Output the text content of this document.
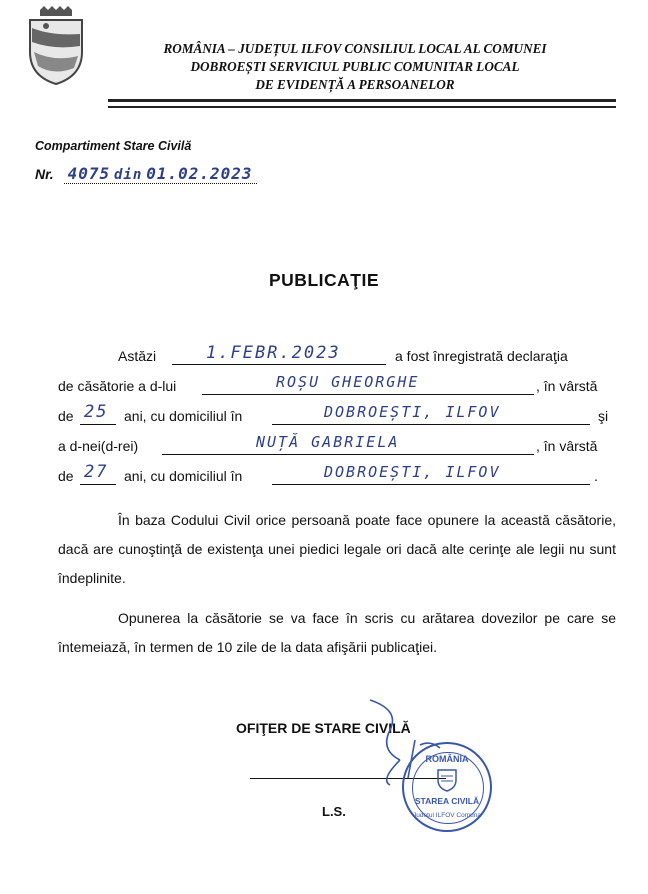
ROMÂNIA – JUDEȚUL ILFOV CONSILIUL LOCAL AL COMUNEI
DOBROEȘTI SERVICIUL PUBLIC COMUNITAR LOCAL
DE EVIDENȚĂ A PERSOANELOR
Compartiment Stare Civilă
Nr. 4075 din 01.02.2023
PUBLICAŢIE
Astăzi	1.FEBR.2023	a fost înregistrată declaraţia
de căsătorie a d-lui	ROȘU GHEORGHE	, în vârstă
de 25 ani, cu domiciliul în	DOBROEȘTI, ILFOV	şi
a d-nei(d-rei)	NUȚĂ GABRIELA	, în vârstă
de 27 ani, cu domiciliul în	DOBROEȘTI, ILFOV	.
În baza Codului Civil orice persoană poate face opunere la această căsătorie, dacă are cunoştinţă de existenţa unei piedici legale ori dacă alte cerinţe ale legii nu sunt îndeplinite.
Opunerea la căsătorie se va face în scris cu arătarea dovezilor pe care se întemeiază, în termen de 10 zile de la data afişării publicaţiei.
OFIŢER DE STARE CIVILĂ
L.S.
ROMÂNIA
STAREA CIVILĂ
Județul ILFOV Comuna
